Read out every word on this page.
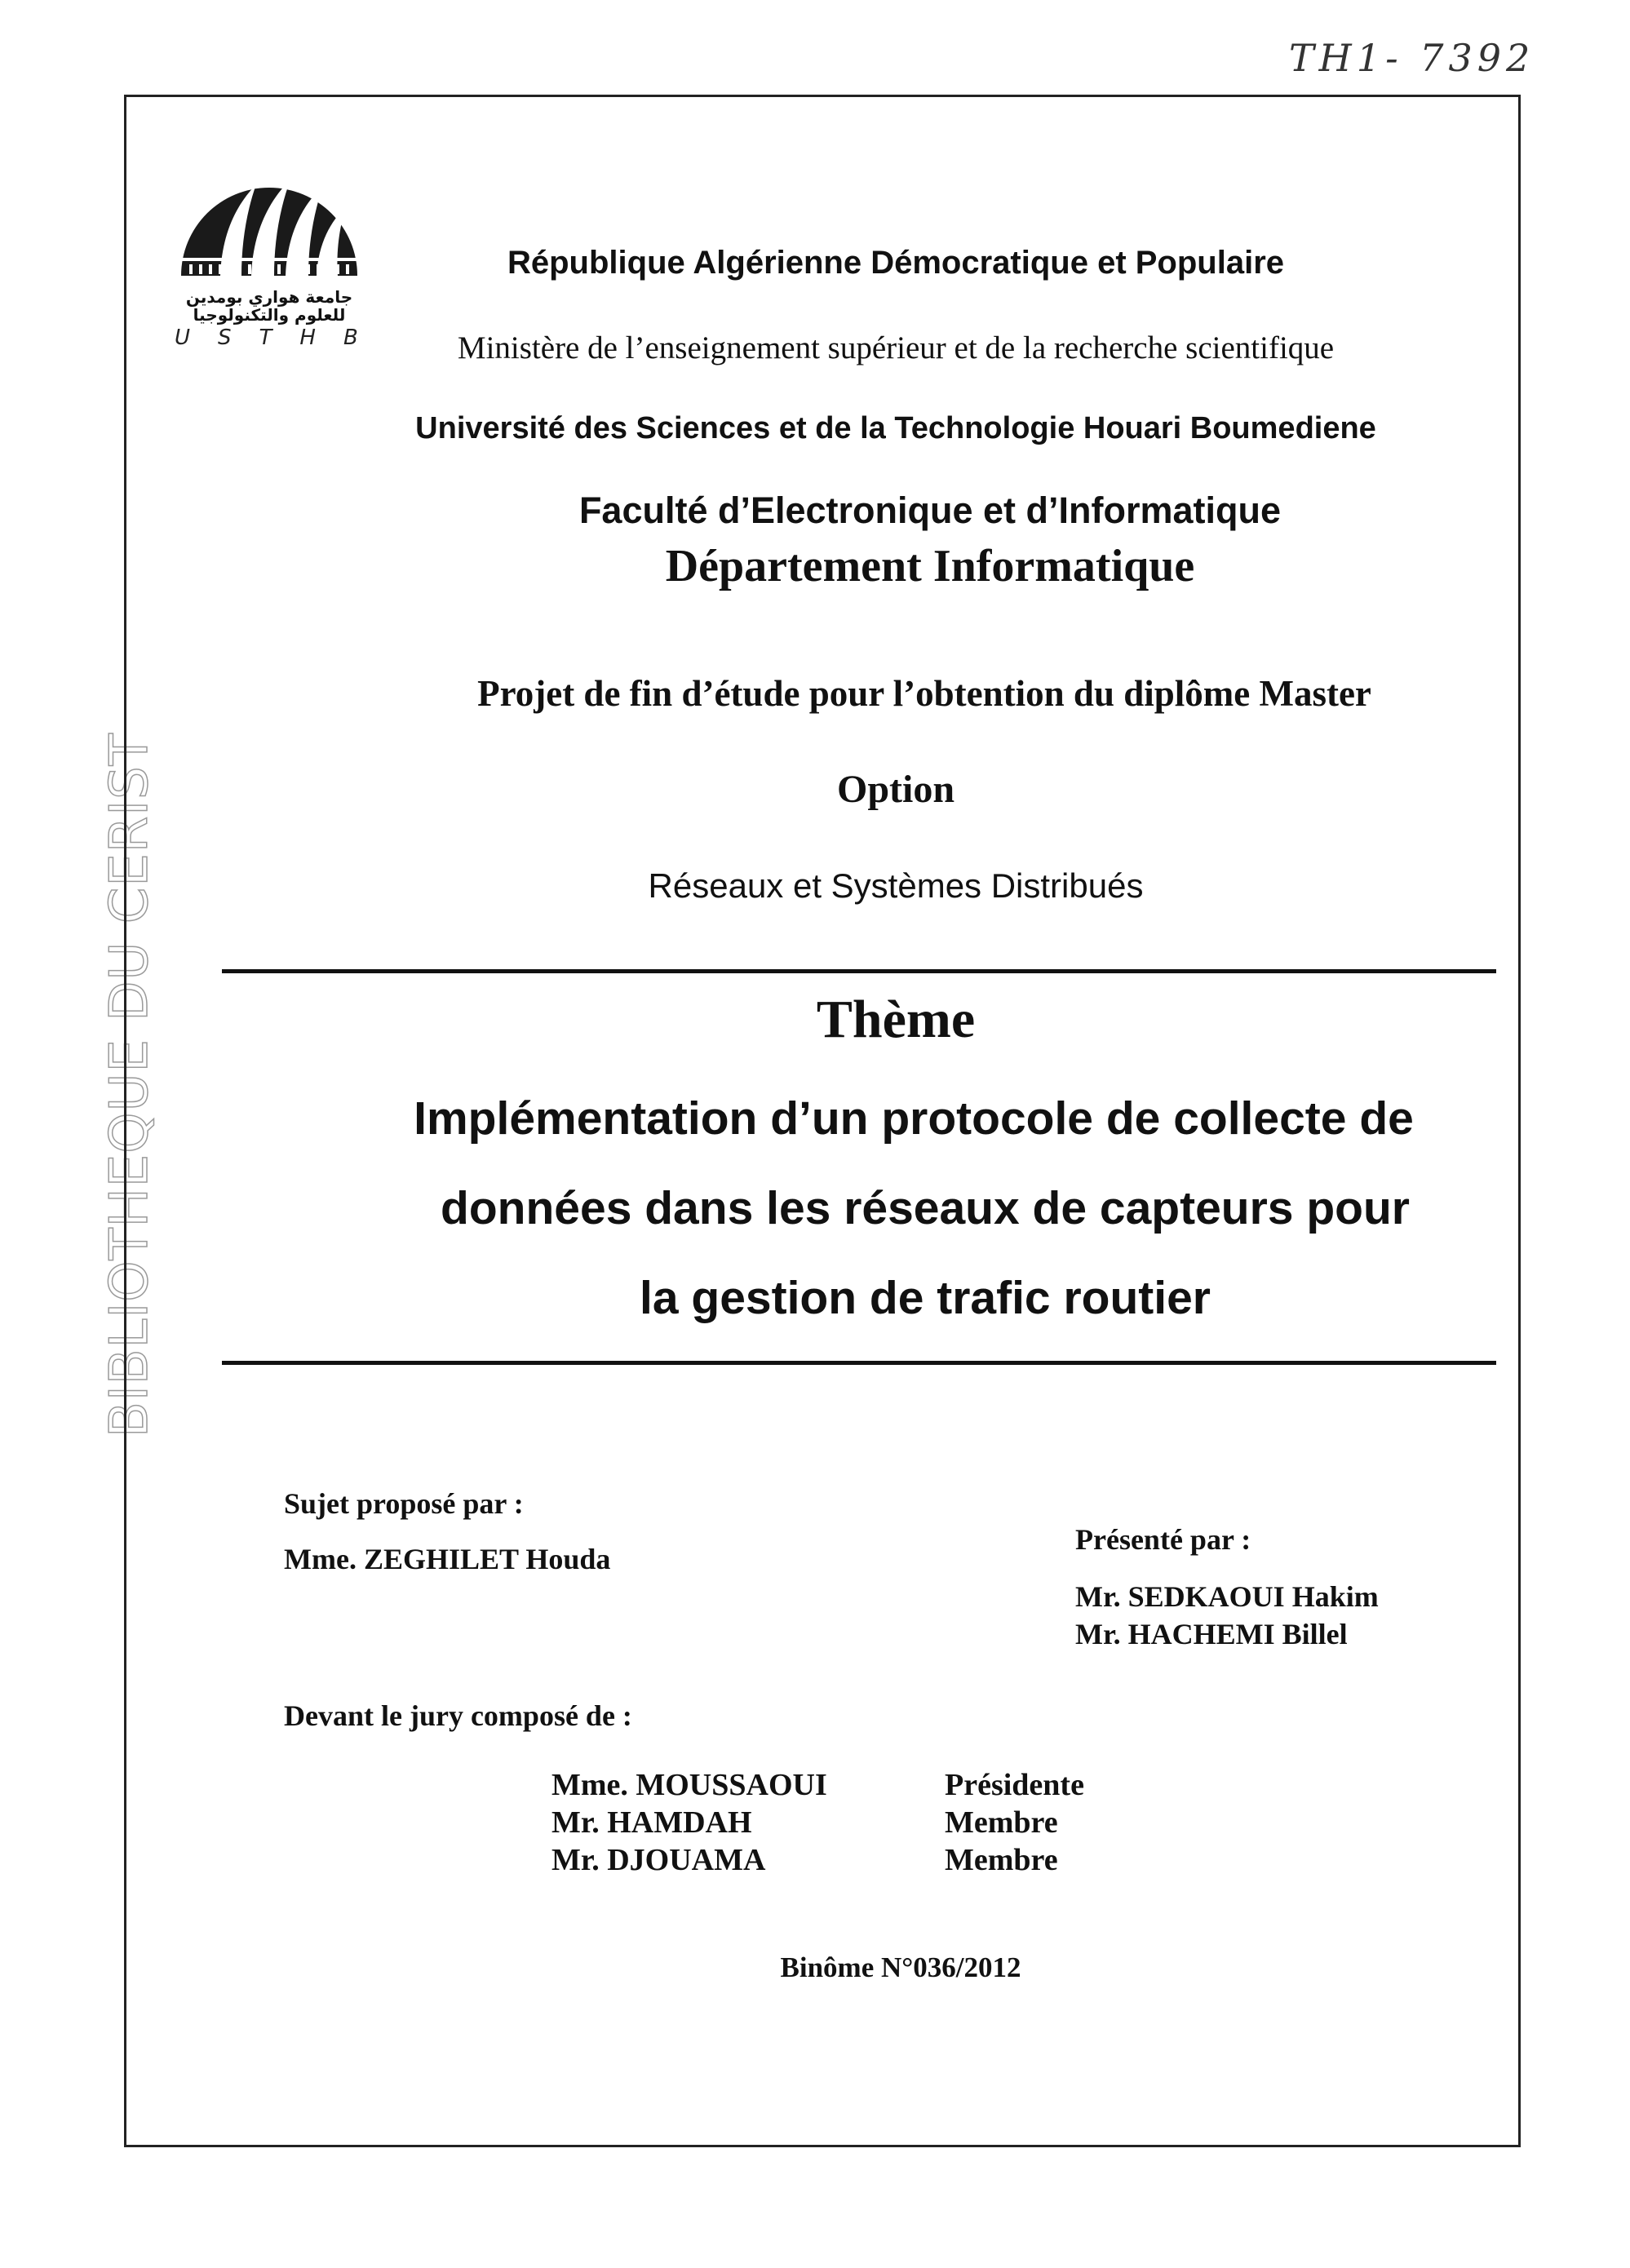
TH1- 7392
BIBLIOTHEQUE DU CERIST
جامعة هواري بومدين
للعلوم والتكنولوجيا
USTHB
République Algérienne Démocratique et Populaire
Ministère de l’enseignement supérieur et de la recherche scientifique
Université des Sciences et de la Technologie Houari Boumediene
Faculté d’Electronique et d’Informatique
Département Informatique
Projet de fin d’étude pour l’obtention du diplôme Master
Option
Réseaux et Systèmes Distribués
Thème
Implémentation d’un protocole de collecte de
données dans les réseaux de capteurs pour
la gestion de trafic routier
Sujet proposé par :
Mme. ZEGHILET Houda
Présenté par :
Mr. SEDKAOUI Hakim
Mr. HACHEMI Billel
Devant le jury composé de :
Mme. MOUSSAOUI	Présidente
Mr. HAMDAH	Membre
Mr. DJOUAMA	Membre
Binôme N°036/2012
